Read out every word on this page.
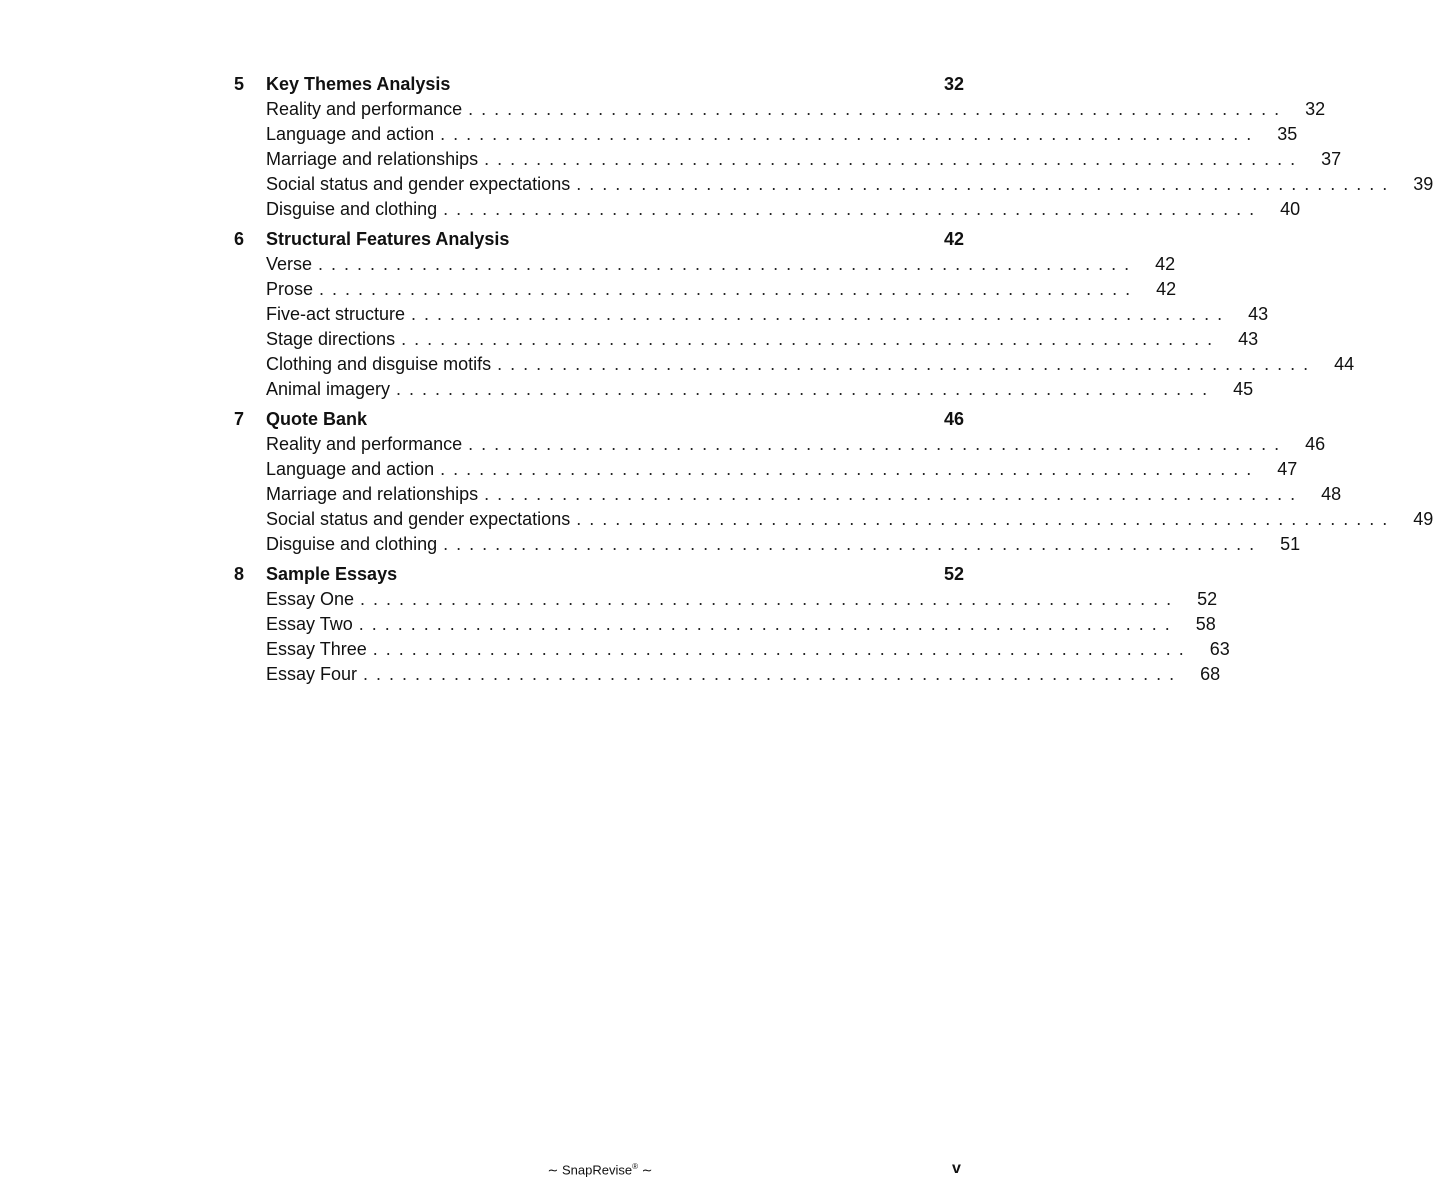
5	Key Themes Analysis	32
Reality and performance ............................................................... 32
Language and action ............................................................... 35
Marriage and relationships ............................................................... 37
Social status and gender expectations ............................................................... 39
Disguise and clothing ............................................................... 40
6	Structural Features Analysis	42
Verse ............................................................... 42
Prose ............................................................... 42
Five-act structure ............................................................... 43
Stage directions ............................................................... 43
Clothing and disguise motifs ............................................................... 44
Animal imagery ............................................................... 45
7	Quote Bank	46
Reality and performance ............................................................... 46
Language and action ............................................................... 47
Marriage and relationships ............................................................... 48
Social status and gender expectations ............................................................... 49
Disguise and clothing ............................................................... 51
8	Sample Essays	52
Essay One ............................................................... 52
Essay Two ............................................................... 58
Essay Three ............................................................... 63
Essay Four ............................................................... 68
∼ SnapRevise® ∼	v
